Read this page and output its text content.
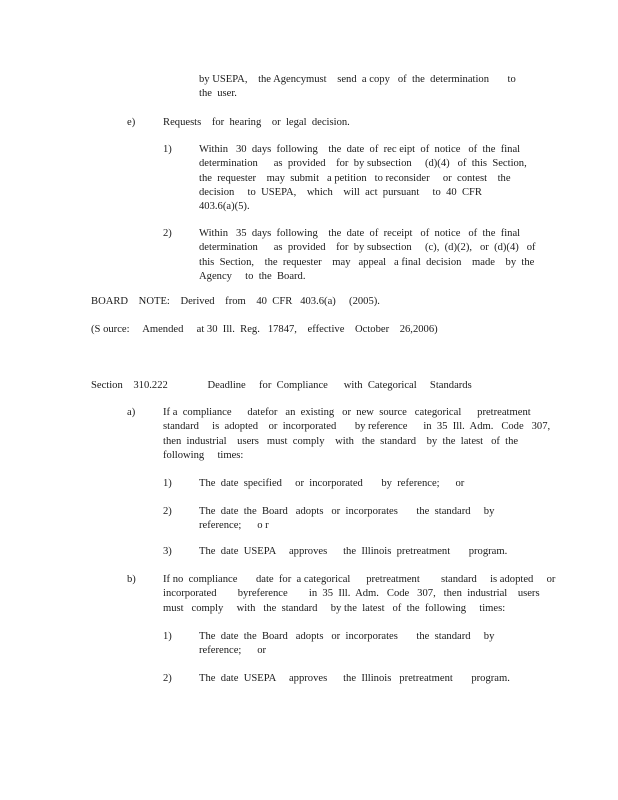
by USEPA,    the Agencymust    send  a copy   of  the  determination       to
the  user.
e)	Requests    for  hearing    or  legal  decision.
1)	Within   30  days  following    the  date  of  rec eipt  of  notice   of  the  final
determination      as  provided    for  by subsection     (d)(4)   of  this  Section,
the  requester    may  submit   a petition   to reconsider     or  contest    the
decision     to  USEPA,    which    will  act  pursuant     to  40  CFR
403.6(a)(5).
2)	Within   35  days  following    the  date  of  receipt   of  notice   of  the  final
determination      as  provided    for  by subsection     (c),  (d)(2),   or  (d)(4)   of
this  Section,    the  requester    may   appeal   a final  decision    made    by  the
Agency     to  the  Board.
BOARD    NOTE:    Derived    from    40  CFR   403.6(a)     (2005).
(S ource:     Amended     at 30  Ill.  Reg.   17847,    effective    October    26,2006)
Section    310.222               Deadline     for  Compliance      with  Categorical     Standards
a)	If a  compliance      datefor   an  existing   or  new  source   categorical      pretreatment
standard     is  adopted    or  incorporated       by reference      in  35  Ill.  Adm.   Code   307,
then  industrial    users   must  comply    with   the  standard    by  the  latest   of  the
following     times:
1)	The  date  specified     or  incorporated       by  reference;      or
2)	The  date  the  Board   adopts   or  incorporates       the  standard     by
reference;      o r
3)	The  date  USEPA     approves      the  Illinois  pretreatment       program.
b)	If no  compliance       date  for  a categorical      pretreatment        standard     is adopted     or
incorporated        byreference        in  35  Ill.  Adm.   Code   307,   then  industrial    users
must   comply     with   the  standard     by the  latest   of  the  following     times:
1)	The  date  the  Board   adopts   or  incorporates       the  standard     by
reference;      or
2)	The  date  USEPA     approves      the  Illinois   pretreatment       program.
